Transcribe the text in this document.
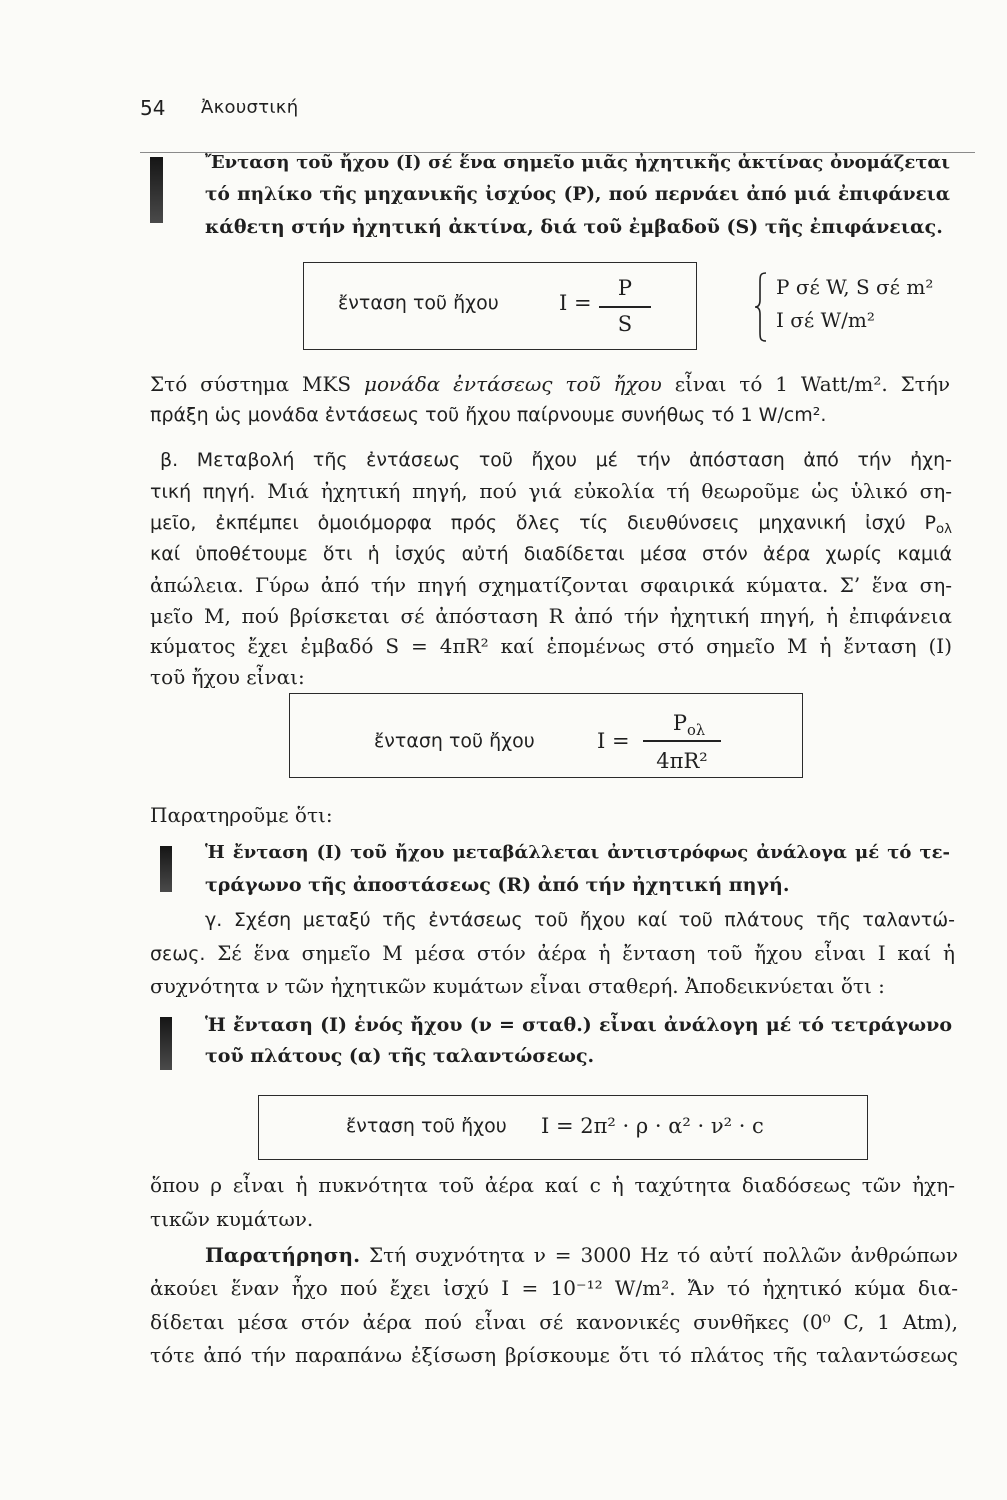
54 Ἀκουστική
Ἔνταση τοῦ ἤχου (I) σέ ἕνα σημεῖο μιᾶς ἠχητικῆς ἀκτίνας ὀνομάζεται
τό πηλίκο τῆς μηχανικῆς ἰσχύος (P), πού περνάει ἀπό μιά ἐπιφάνεια
κάθετη στήν ἠχητική ἀκτίνα, διά τοῦ ἐμβαδοῦ (S) τῆς ἐπιφάνειας.
ἔνταση τοῦ ἤχου	I =
P
S
P σέ W, S σέ m²
I σέ W/m²
Στό σύστημα MKS μονάδα ἐντάσεως τοῦ ἤχου εἶναι τό 1 Watt/m². Στήν
πράξη ὡς μονάδα ἐντάσεως τοῦ ἤχου παίρνουμε συνήθως τό 1 W/cm².
β. Μεταβολή τῆς ἐντάσεως τοῦ ἤχου μέ τήν ἀπόσταση ἀπό τήν ἠχη-
τική πηγή. Μιά ἠχητική πηγή, πού γιά εὐκολία τή θεωροῦμε ὡς ὑλικό ση-
μεῖο, ἐκπέμπει ὁμοιόμορφα πρός ὅλες τίς διευθύνσεις μηχανική ἰσχύ $P_{o\lambda}$
καί ὑποθέτουμε ὅτι ἡ ἰσχύς αὐτή διαδίδεται μέσα στόν ἀέρα χωρίς καμιά
ἀπώλεια. Γύρω ἀπό τήν πηγή σχηματίζονται σφαιρικά κύματα. Σ’ ἕνα ση-
μεῖο M, πού βρίσκεται σέ ἀπόσταση R ἀπό τήν ἠχητική πηγή, ἡ ἐπιφάνεια
κύματος ἔχει ἐμβαδό S = 4πR² καί ἑπομένως στό σημεῖο M ἡ ἔνταση (I)
τοῦ ἤχου εἶναι:
ἔνταση τοῦ ἤχου	I =
$P_{o\lambda}$
4πR²
Παρατηροῦμε ὅτι:
Ἡ ἔνταση (I) τοῦ ἤχου μεταβάλλεται ἀντιστρόφως ἀνάλογα μέ τό τε-
τράγωνο τῆς ἀποστάσεως (R) ἀπό τήν ἠχητική πηγή.
γ. Σχέση μεταξύ τῆς ἐντάσεως τοῦ ἤχου καί τοῦ πλάτους τῆς ταλαντώ-
σεως. Σέ ἕνα σημεῖο M μέσα στόν ἀέρα ἡ ἔνταση τοῦ ἤχου εἶναι I καί ἡ
συχνότητα ν τῶν ἠχητικῶν κυμάτων εἶναι σταθερή. Ἀποδεικνύεται ὅτι :
Ἡ ἔνταση (I) ἑνός ἤχου (ν = σταθ.) εἶναι ἀνάλογη μέ τό τετράγωνο
τοῦ πλάτους (α) τῆς ταλαντώσεως.
ἔνταση τοῦ ἤχου I = 2π² · ρ · α² · ν² · c
ὅπου ρ εἶναι ἡ πυκνότητα τοῦ ἀέρα καί c ἡ ταχύτητα διαδόσεως τῶν ἠχη-
τικῶν κυμάτων.
Παρατήρηση. Στή συχνότητα ν = 3000 Hz τό αὐτί πολλῶν ἀνθρώπων
ἀκούει ἕναν ἦχο πού ἔχει ἰσχύ I = 10⁻¹² W/m². Ἄν τό ἠχητικό κύμα δια-
δίδεται μέσα στόν ἀέρα πού εἶναι σέ κανονικές συνθῆκες (0⁰ C, 1 Atm),
τότε ἀπό τήν παραπάνω ἐξίσωση βρίσκουμε ὅτι τό πλάτος τῆς ταλαντώσεως
